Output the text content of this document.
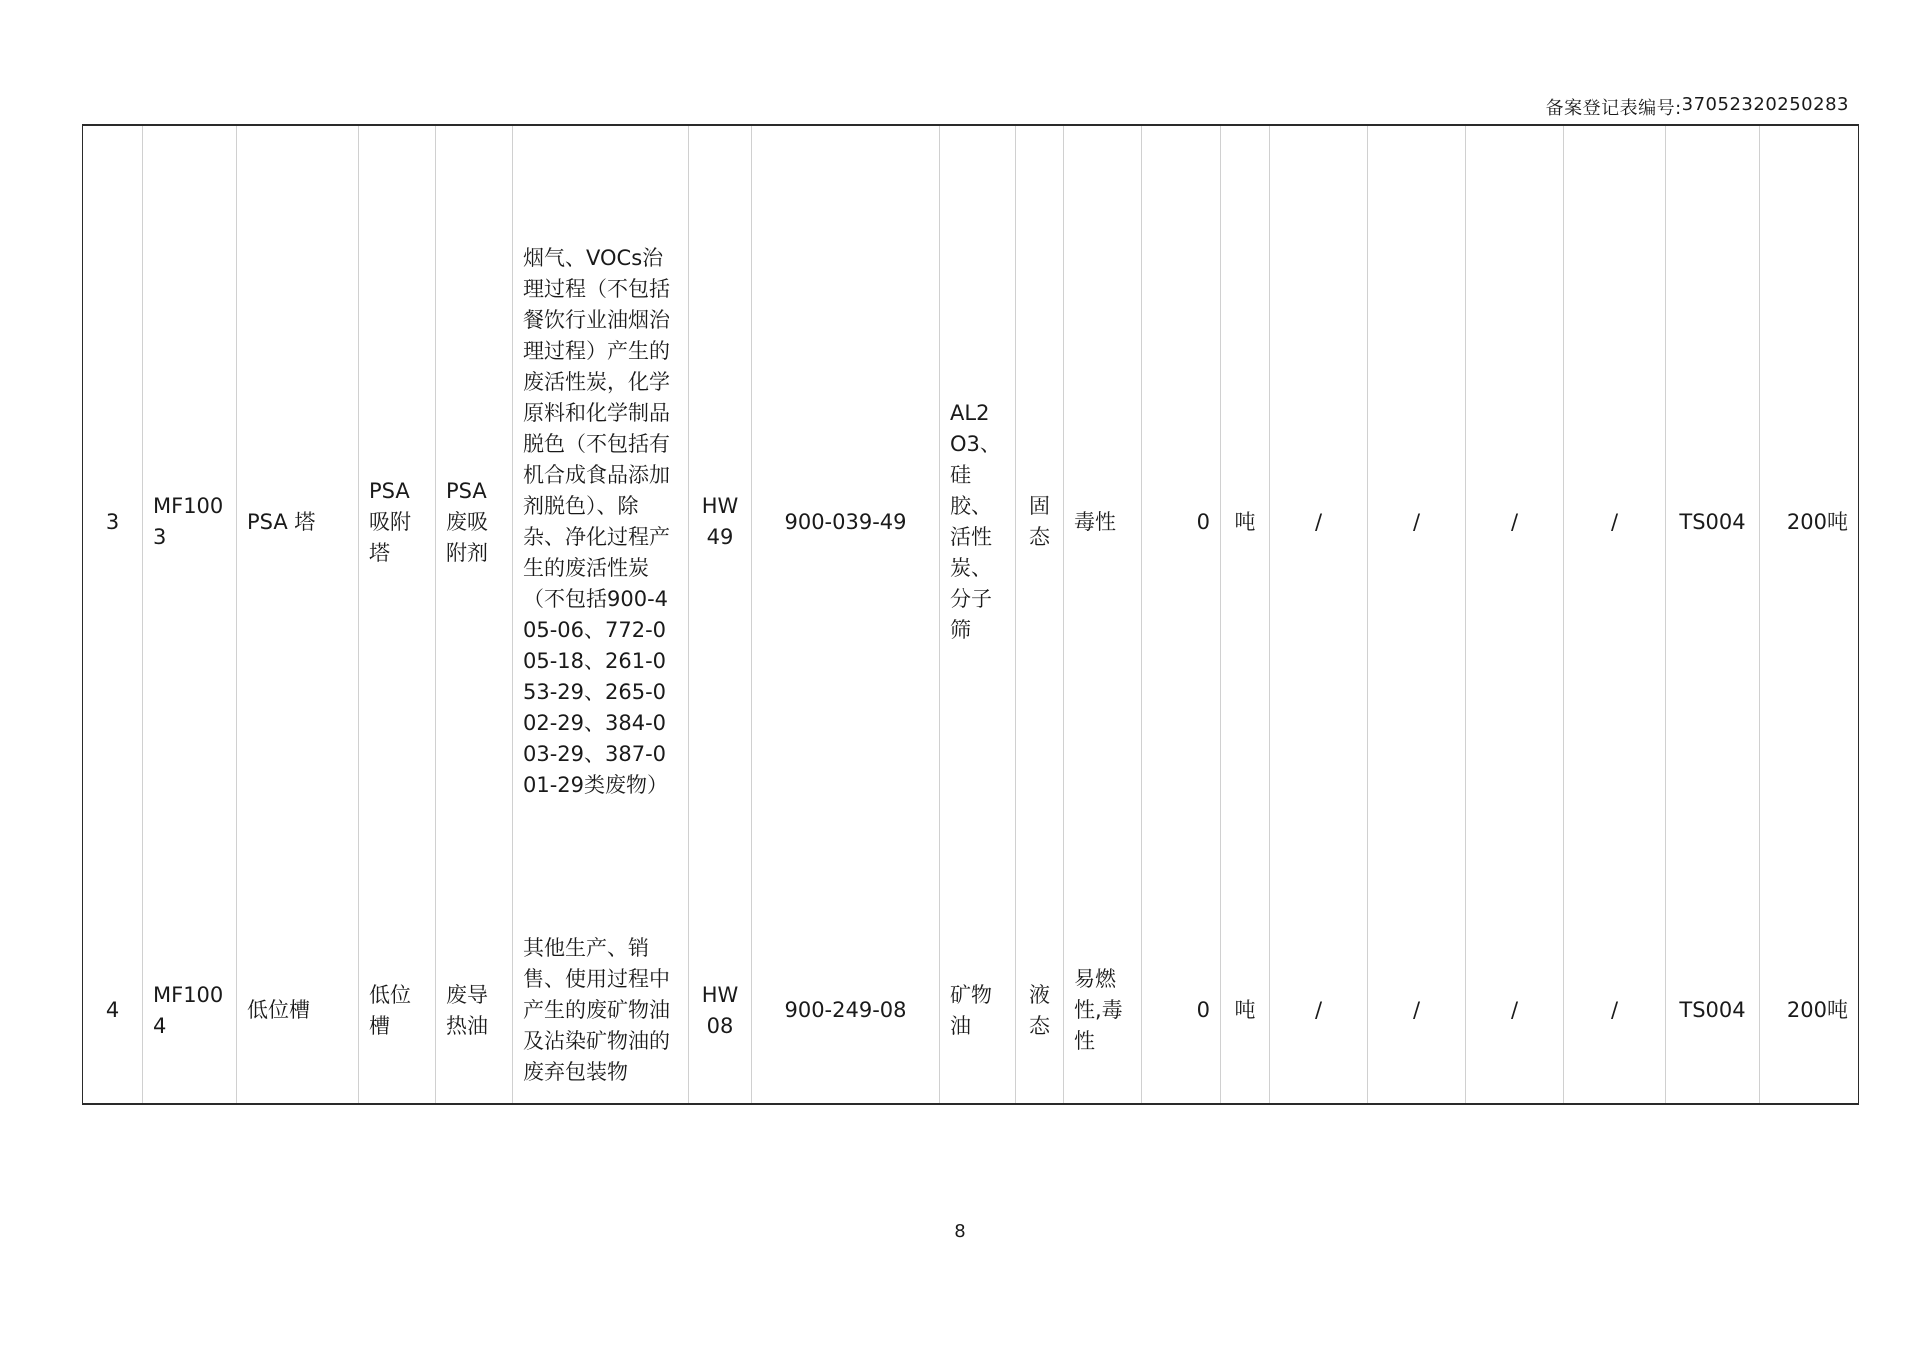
备案登记表编号: 37052320250283
3	MF1003	PSA 塔	PSA 吸附塔	PSA 废吸附剂	烟气、VOCs治理过程（不包括餐饮行业油烟治理过程）产生的废活性炭，化学原料和化学制品脱色（不包括有机合成食品添加剂脱色）、除杂、净化过程产生的废活性炭（不包括900-405-06、772-005-18、261-053-29、265-002-29、384-003-29、387-001-29类废物）	HW49	900-039-49	AL2O3、硅胶、活性炭、分子筛	固态	毒性	0	吨	/	/	/	/	TS004	200吨
4	MF1004	低位槽	低位槽	废导热油	其他生产、销售、使用过程中产生的废矿物油及沾染矿物油的废弃包装物	HW08	900-249-08	矿物油	液态	易燃性,毒性	0	吨	/	/	/	/	TS004	200吨
8
